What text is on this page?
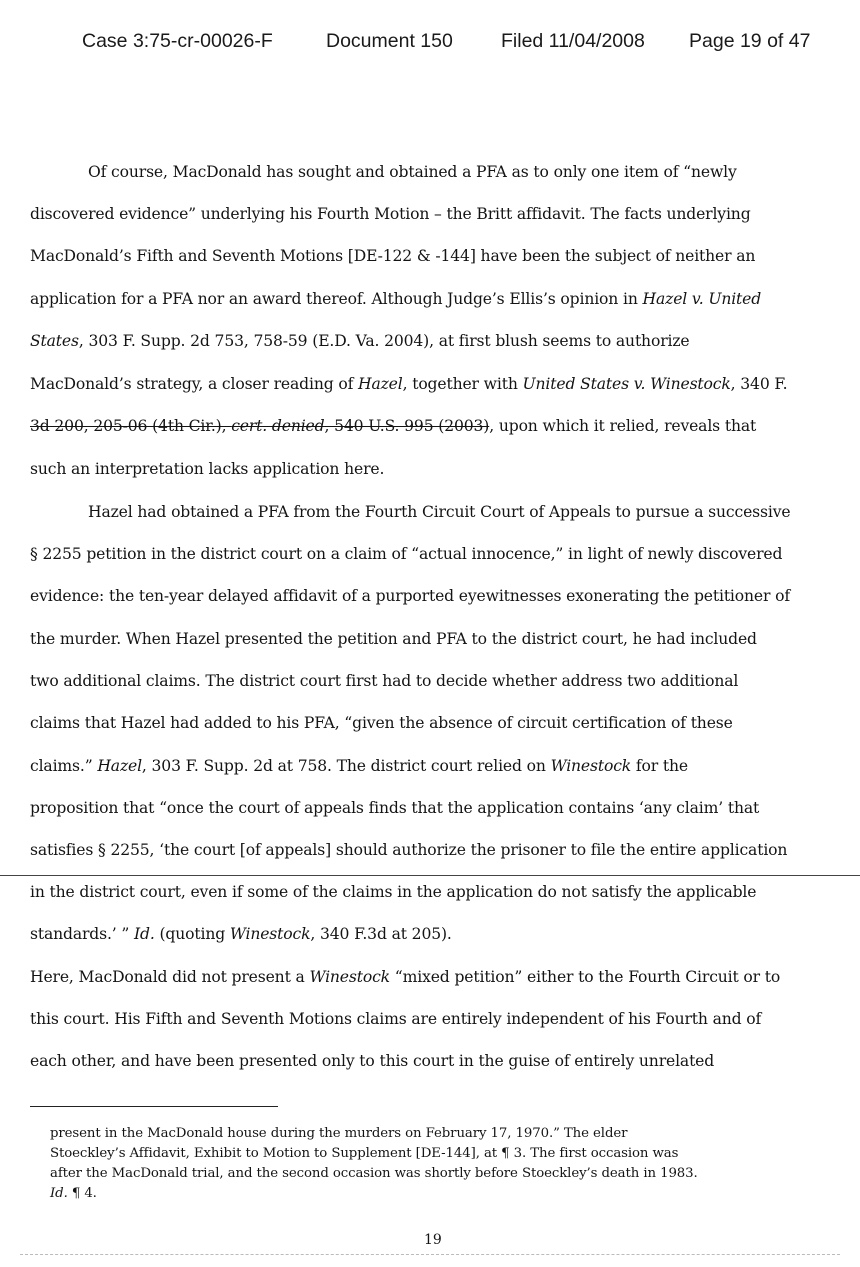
Case 3:75-cr-00026-F	Document 150 Filed 11/04/2008 Page 19 of 47
Of course, MacDonald has sought and obtained a PFA as to only one item of “newly
discovered evidence” underlying his Fourth Motion – the Britt affidavit. The facts underlying
MacDonald’s Fifth and Seventh Motions [DE-122 & -144] have been the subject of neither an
application for a PFA nor an award thereof. Although Judge’s Ellis’s opinion in Hazel v. United
States, 303 F. Supp. 2d 753, 758-59 (E.D. Va. 2004), at first blush seems to authorize
MacDonald’s strategy, a closer reading of Hazel, together with United States v. Winestock, 340 F.
3d 200, 205-06 (4th Cir.), cert. denied, 540 U.S. 995 (2003), upon which it relied, reveals that
such an interpretation lacks application here.
Hazel had obtained a PFA from the Fourth Circuit Court of Appeals to pursue a successive
§ 2255 petition in the district court on a claim of “actual innocence,” in light of newly discovered
evidence: the ten-year delayed affidavit of a purported eyewitnesses exonerating the petitioner of
the murder. When Hazel presented the petition and PFA to the district court, he had included
two additional claims. The district court first had to decide whether address two additional
claims that Hazel had added to his PFA, “given the absence of circuit certification of these
claims.” Hazel, 303 F. Supp. 2d at 758. The district court relied on Winestock for the
proposition that “once the court of appeals finds that the application contains ‘any claim’ that
satisfies § 2255, ‘the court [of appeals] should authorize the prisoner to file the entire application
in the district court, even if some of the claims in the application do not satisfy the applicable
standards.’ ” Id. (quoting Winestock, 340 F.3d at 205).
Here, MacDonald did not present a Winestock “mixed petition” either to the Fourth Circuit or to
this court. His Fifth and Seventh Motions claims are entirely independent of his Fourth and of
each other, and have been presented only to this court in the guise of entirely unrelated
present in the MacDonald house during the murders on February 17, 1970.” The elder
Stoeckley’s Affidavit, Exhibit to Motion to Supplement [DE-144], at ¶ 3. The first occasion was
after the MacDonald trial, and the second occasion was shortly before Stoeckley’s death in 1983.
Id. ¶ 4.
19
